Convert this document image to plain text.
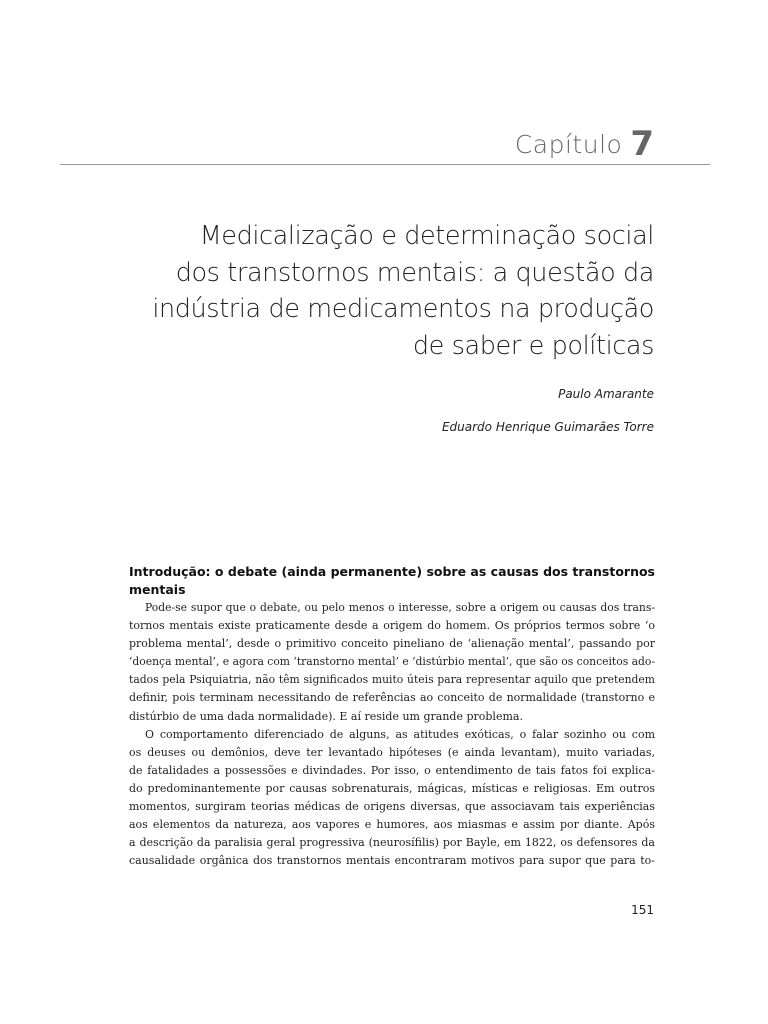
Capítulo 7
Medicalização e determinação social
dos transtornos mentais: a questão da
indústria de medicamentos na produção
de saber e políticas
Paulo Amarante
Eduardo Henrique Guimarães Torre
Introdução: o debate (ainda permanente) sobre as causas dos transtornos mentais
Pode-se supor que o debate, ou pelo menos o interesse, sobre a origem ou causas dos trans-
tornos mentais existe praticamente desde a origem do homem. Os próprios termos sobre ‘o
problema mental’, desde o primitivo conceito pineliano de ‘alienação mental’, passando por
‘doença mental’, e agora com ‘transtorno mental’ e ‘distúrbio mental’, que são os conceitos ado-
tados pela Psiquiatria, não têm significados muito úteis para representar aquilo que pretendem
definir, pois terminam necessitando de referências ao conceito de normalidade (transtorno e
distúrbio de uma dada normalidade). E aí reside um grande problema.
O comportamento diferenciado de alguns, as atitudes exóticas, o falar sozinho ou com
os deuses ou demônios, deve ter levantado hipóteses (e ainda levantam), muito variadas,
de fatalidades a possessões e divindades. Por isso, o entendimento de tais fatos foi explica-
do predominantemente por causas sobrenaturais, mágicas, místicas e religiosas. Em outros
momentos, surgiram teorias médicas de origens diversas, que associavam tais experiências
aos elementos da natureza, aos vapores e humores, aos miasmas e assim por diante. Após
a descrição da paralisia geral progressiva (neurosífilis) por Bayle, em 1822, os defensores da
causalidade orgânica dos transtornos mentais encontraram motivos para supor que para to-
151
